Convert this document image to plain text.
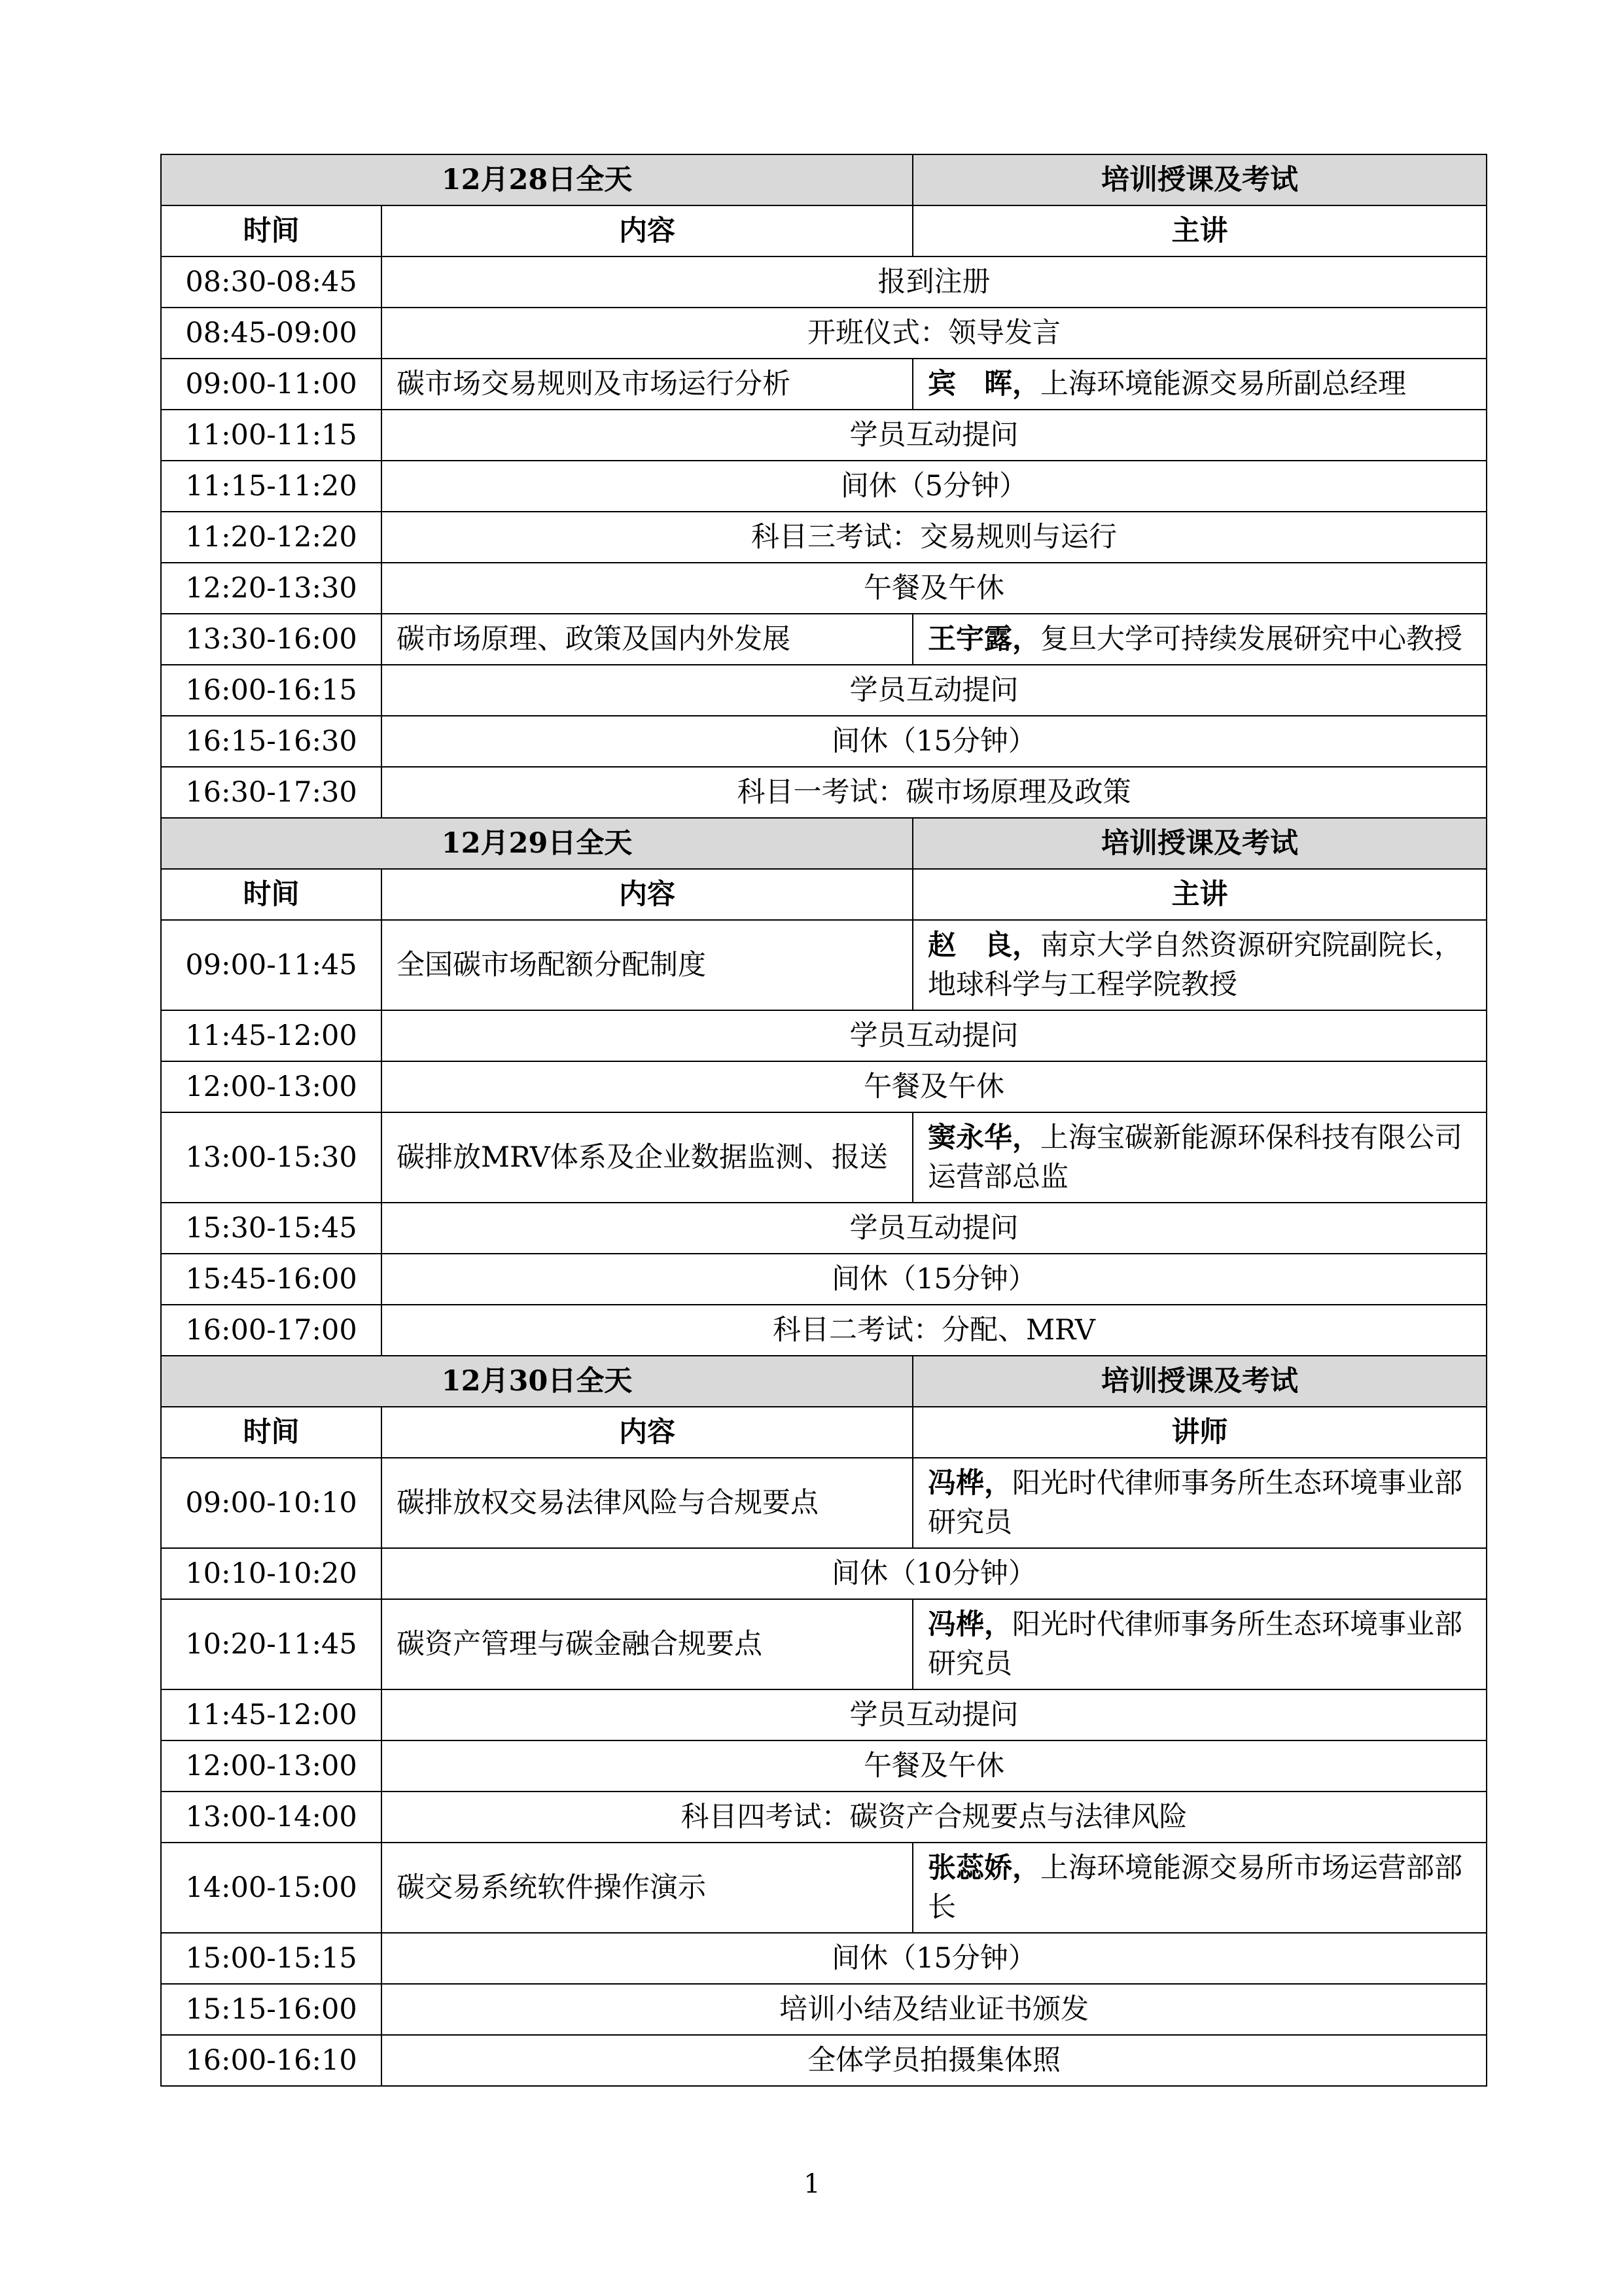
12月28日全天		培训授课及考试
时间	内容	主讲
08:30-08:45	报到注册	
08:45-09:00	开班仪式：领导发言	
09:00-11:00	碳市场交易规则及市场运行分析	宾　晖，上海环境能源交易所副总经理
11:00-11:15	学员互动提问	
11:15-11:20	间休（5分钟）	
11:20-12:20	科目三考试：交易规则与运行	
12:20-13:30	午餐及午休	
13:30-16:00	碳市场原理、政策及国内外发展	王宇露，复旦大学可持续发展研究中心教授
16:00-16:15	学员互动提问	
16:15-16:30	间休（15分钟）	
16:30-17:30	科目一考试：碳市场原理及政策	
12月29日全天		培训授课及考试
时间	内容	主讲
09:00-11:45	全国碳市场配额分配制度	赵　良，南京大学自然资源研究院副院长，地球科学与工程学院教授
11:45-12:00	学员互动提问	
12:00-13:00	午餐及午休	
13:00-15:30	碳排放MRV体系及企业数据监测、报送	窦永华，上海宝碳新能源环保科技有限公司运营部总监
15:30-15:45	学员互动提问	
15:45-16:00	间休（15分钟）	
16:00-17:00	科目二考试：分配、MRV	
12月30日全天		培训授课及考试
时间	内容	讲师
09:00-10:10	碳排放权交易法律风险与合规要点	冯桦，阳光时代律师事务所生态环境事业部研究员
10:10-10:20	间休（10分钟）	
10:20-11:45	碳资产管理与碳金融合规要点	冯桦，阳光时代律师事务所生态环境事业部研究员
11:45-12:00	学员互动提问	
12:00-13:00	午餐及午休	
13:00-14:00	科目四考试：碳资产合规要点与法律风险	
14:00-15:00	碳交易系统软件操作演示	张蕊娇，上海环境能源交易所市场运营部部长
15:00-15:15	间休（15分钟）	
15:15-16:00	培训小结及结业证书颁发	
16:00-16:10	全体学员拍摄集体照	
1
